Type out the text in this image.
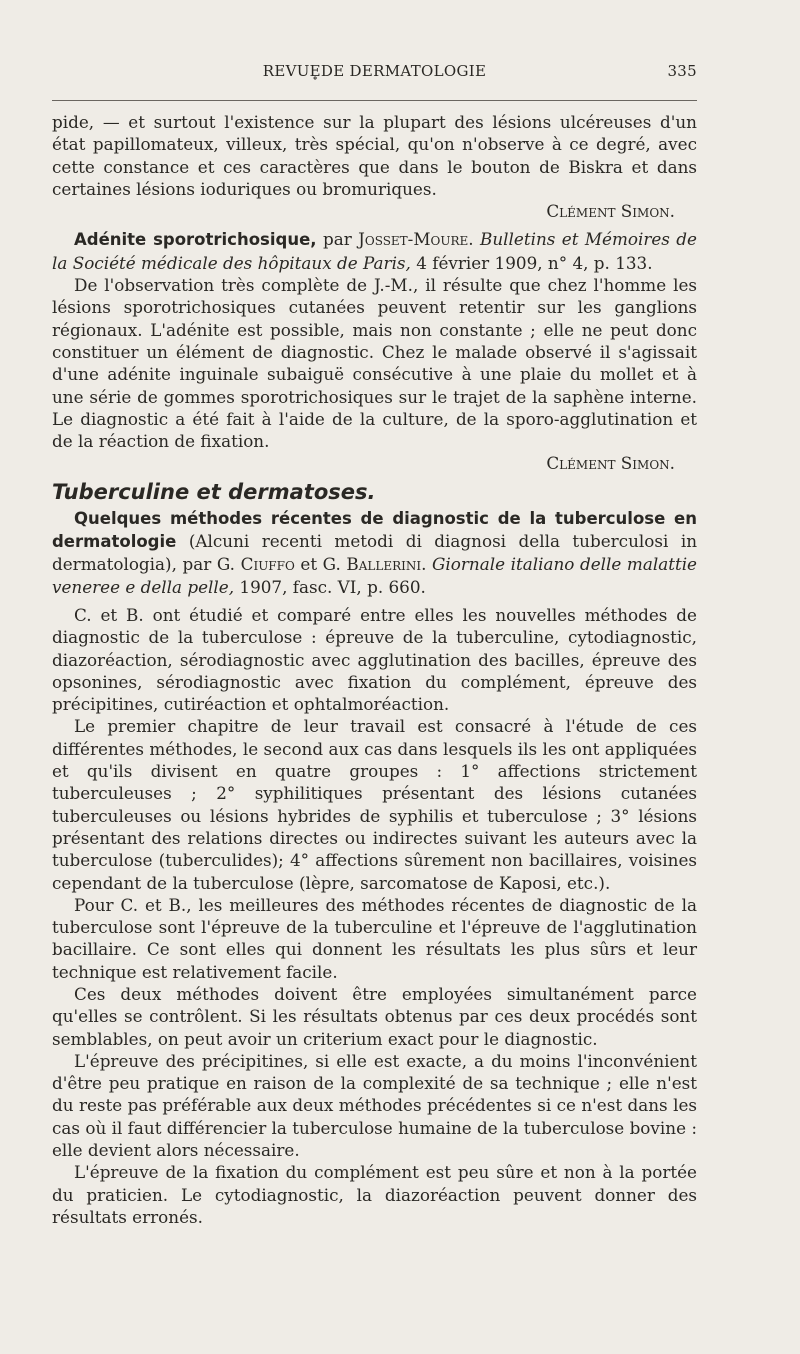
REVUE̥DE DERMATOLOGIE	335

pide, — et surtout l'existence sur la plupart des lésions ulcéreuses d'un état papillomateux, villeux, très spécial, qu'on n'observe à ce degré, avec cette constance et ces caractères que dans le bouton de Biskra et dans certaines lésions iodurіques ou bromuriques.
Clément Simon.

Adénite sporotrichosique, par Josset-Moure. Bulletins et Mémoires de la Société médicale des hôpitaux de Paris, 4 février 1909, n° 4, p. 133.

De l'observation très complète de J.-M., il résulte que chez l'homme les lésions sporotrichosiques cutanées peuvent retentir sur les ganglions régionaux. L'adénite est possible, mais non constante ; elle ne peut donc constituer un élément de diagnostic. Chez le malade observé il s'agissait d'une adénite inguinale subaiguë consécutive à une plaie du mollet et à une série de gommes sporotrichosiques sur le trajet de la saphène interne. Le diagnostic a été fait à l'aide de la culture, de la sporo-agglutination et de la réaction de fixation.
Clément Simon.

Tuberculine et dermatoses.

Quelques méthodes récentes de diagnostic de la tuberculose en dermatologie (Alcuni recenti metodi di diagnosi della tuberculosi in dermatologia), par G. Ciuffo et G. Ballerini. Giornale italiano delle malattie veneree e della pelle, 1907, fasc. VI, p. 660.

C. et B. ont étudié et comparé entre elles les nouvelles méthodes de diagnostic de la tuberculose : épreuve de la tuberculine, cytodiagnostic, diazoréaction, sérodiagnostic avec agglutination des bacilles, épreuve des opsonines, sérodiagnostic avec fixation du complément, épreuve des précipitines, cutiréaction et ophtalmoréaction.

Le premier chapitre de leur travail est consacré à l'étude de ces différentes méthodes, le second aux cas dans lesquels ils les ont appliquées et qu'ils divisent en quatre groupes : 1° affections strictement tuberculeuses ; 2° syphilitiques présentant des lésions cutanées tuberculeuses ou lésions hybrides de syphilis et tuberculose ; 3° lésions présentant des relations directes ou indirectes suivant les auteurs avec la tuberculose (tuberculides); 4° affections sûrement non bacillaires, voisines cependant de la tuberculose (lèpre, sarcomatose de Kaposi, etc.).

Pour C. et B., les meilleures des méthodes récentes de diagnostic de la tuberculose sont l'épreuve de la tuberculine et l'épreuve de l'agglutination bacillaire. Ce sont elles qui donnent les résultats les plus sûrs et leur technique est relativement facile.

Ces deux méthodes doivent être employées simultanément parce qu'elles se contrôlent. Si les résultats obtenus par ces deux procédés sont semblables, on peut avoir un criterium exact pour le diagnostic.

L'épreuve des précipitines, si elle est exacte, a du moins l'inconvénient d'être peu pratique en raison de la complexité de sa technique ; elle n'est du reste pas préférable aux deux méthodes précédentes si ce n'est dans les cas où il faut différencier la tuberculose humaine de la tuberculose bovine : elle devient alors nécessaire.

L'épreuve de la fixation du complément est peu sûre et non à la portée du praticien. Le cytodiagnostic, la diazoréaction peuvent donner des résultats erronés.
